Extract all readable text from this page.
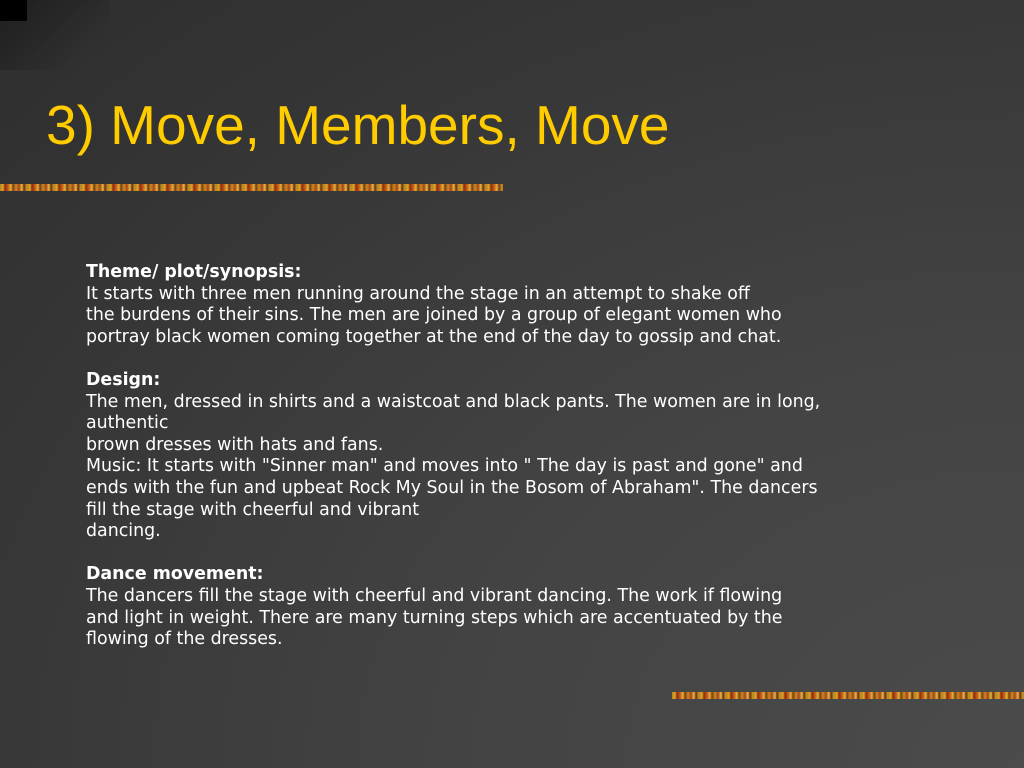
3) Move, Members, Move
Theme/ plot/synopsis:
It starts with three men running around the stage in an attempt to shake off
the burdens of their sins. The men are joined by a group of elegant women who
portray black women coming together at the end of the day to gossip and chat.
Design:
The men, dressed in shirts and a waistcoat and black pants. The women are in long,
authentic
brown dresses with hats and fans.
Music: It starts with "Sinner man" and moves into " The day is past and gone" and
ends with the fun and upbeat Rock My Soul in the Bosom of Abraham". The dancers
fill the stage with cheerful and vibrant
dancing.
Dance movement:
The dancers fill the stage with cheerful and vibrant dancing. The work if flowing
and light in weight. There are many turning steps which are accentuated by the
flowing of the dresses.
